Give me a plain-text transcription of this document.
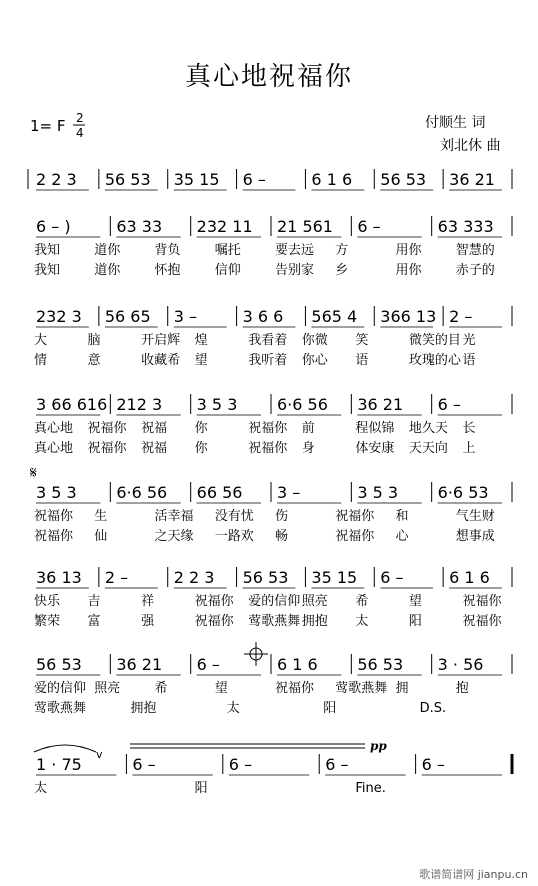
真心地祝福你
1= F	付顺生 词
刘北休 曲
歌谱简谱网 jianpu.cn
2
4
2 2 3 56 53 35 15 6 –	6 1 6 56 53 36 21
6 – )	63 33 232 11 21 561 6 –	63 333
我知	道你	背负	嘱托	要去远 方	用你	智慧的
我知	道你	怀抱	信仰	告别家 乡	用你	赤子的
232 3 56 65 3 –	3 6 6 565 4 366 13 2 –
大	脑	开启辉 煌	我看着 你微 笑	微笑的目 光
情	意	收藏希 望	我听着 你心 语	玫瑰的心 语
3 66 616 212 3 3 5 3 6·6 56 36 21 6 –
真心地 祝福你 祝福 你	祝福你 前	程似锦 地久天 长
真心地 祝福你 祝福 你	祝福你 身	体安康 天天向 上
3 5 3 6·6 56 66 56 3 –	3 5 3 6·6 53
祝福你 生	活幸福 没有忧 伤	祝福你 和	气生财
祝福你 仙	之天缘 一路欢 畅	祝福你 心	想事成
36 13 2 –	2 2 3 56 53 35 15 6 –	6 1 6
快乐 吉	祥	祝福你 爱的信仰 照亮 希	望	祝福你
繁荣 富	强	祝福你 莺歌燕舞 拥抱 太	阳	祝福你
56 53 36 21 6 –	6 1 6 56 53 3 · 56
爱的信仰 照亮	希	望	祝福你 莺歌燕舞 拥	抱
莺歌燕舞	拥抱	太	阳	D.S.
1 · 75	6 –	6 –	6 –	6 –
太	阳	Fine.
𝄋
pp
v
